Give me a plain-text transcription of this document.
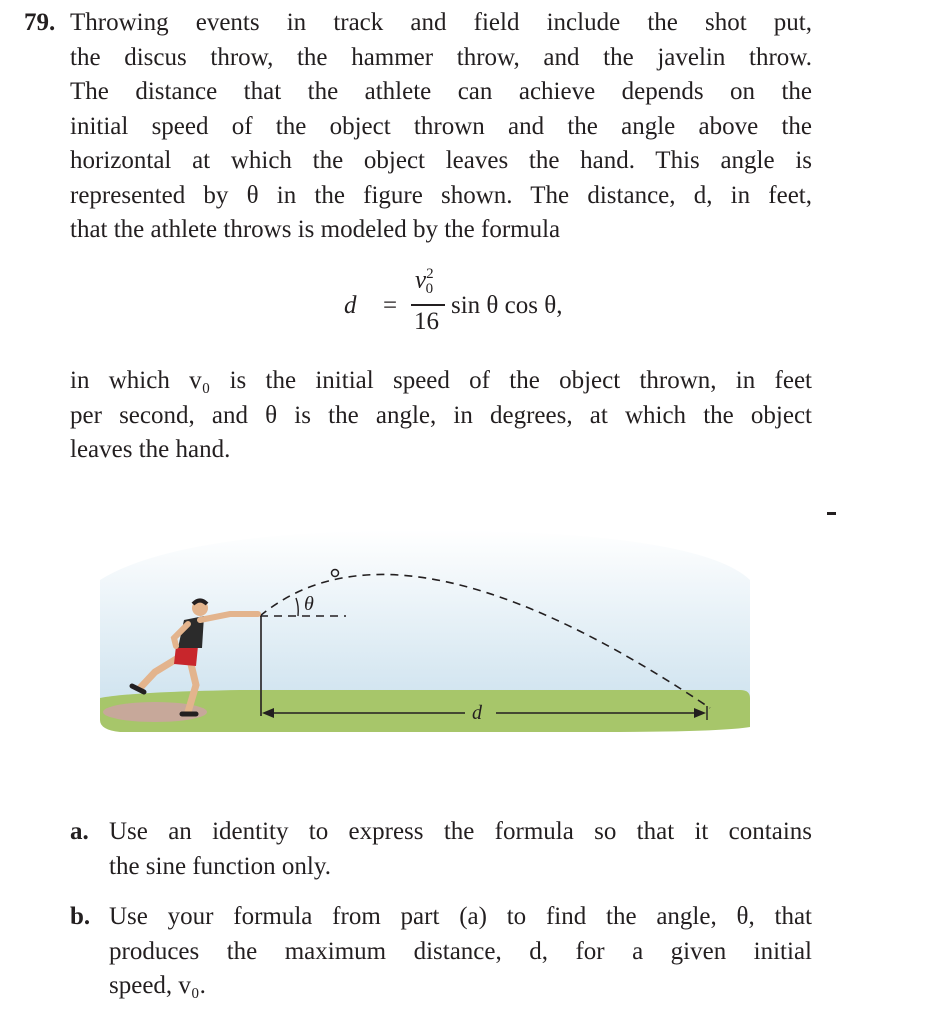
79. Throwing events in track and field include the shot put,
the discus throw, the hammer throw, and the javelin throw.
The distance that the athlete can achieve depends on the
initial speed of the object thrown and the angle above the
horizontal at which the object leaves the hand. This angle is
represented by θ in the figure shown. The distance, d, in feet,
that the athlete throws is modeled by the formula
d =
$v^2_0$
16
sin θ cos θ,
in which v₀ is the initial speed of the object thrown, in feet
per second, and θ is the angle, in degrees, at which the object
leaves the hand.
θ
d
a. Use an identity to express the formula so that it contains
the sine function only.
b. Use your formula from part (a) to find the angle, θ, that
produces the maximum distance, d, for a given initial
speed, v₀.
